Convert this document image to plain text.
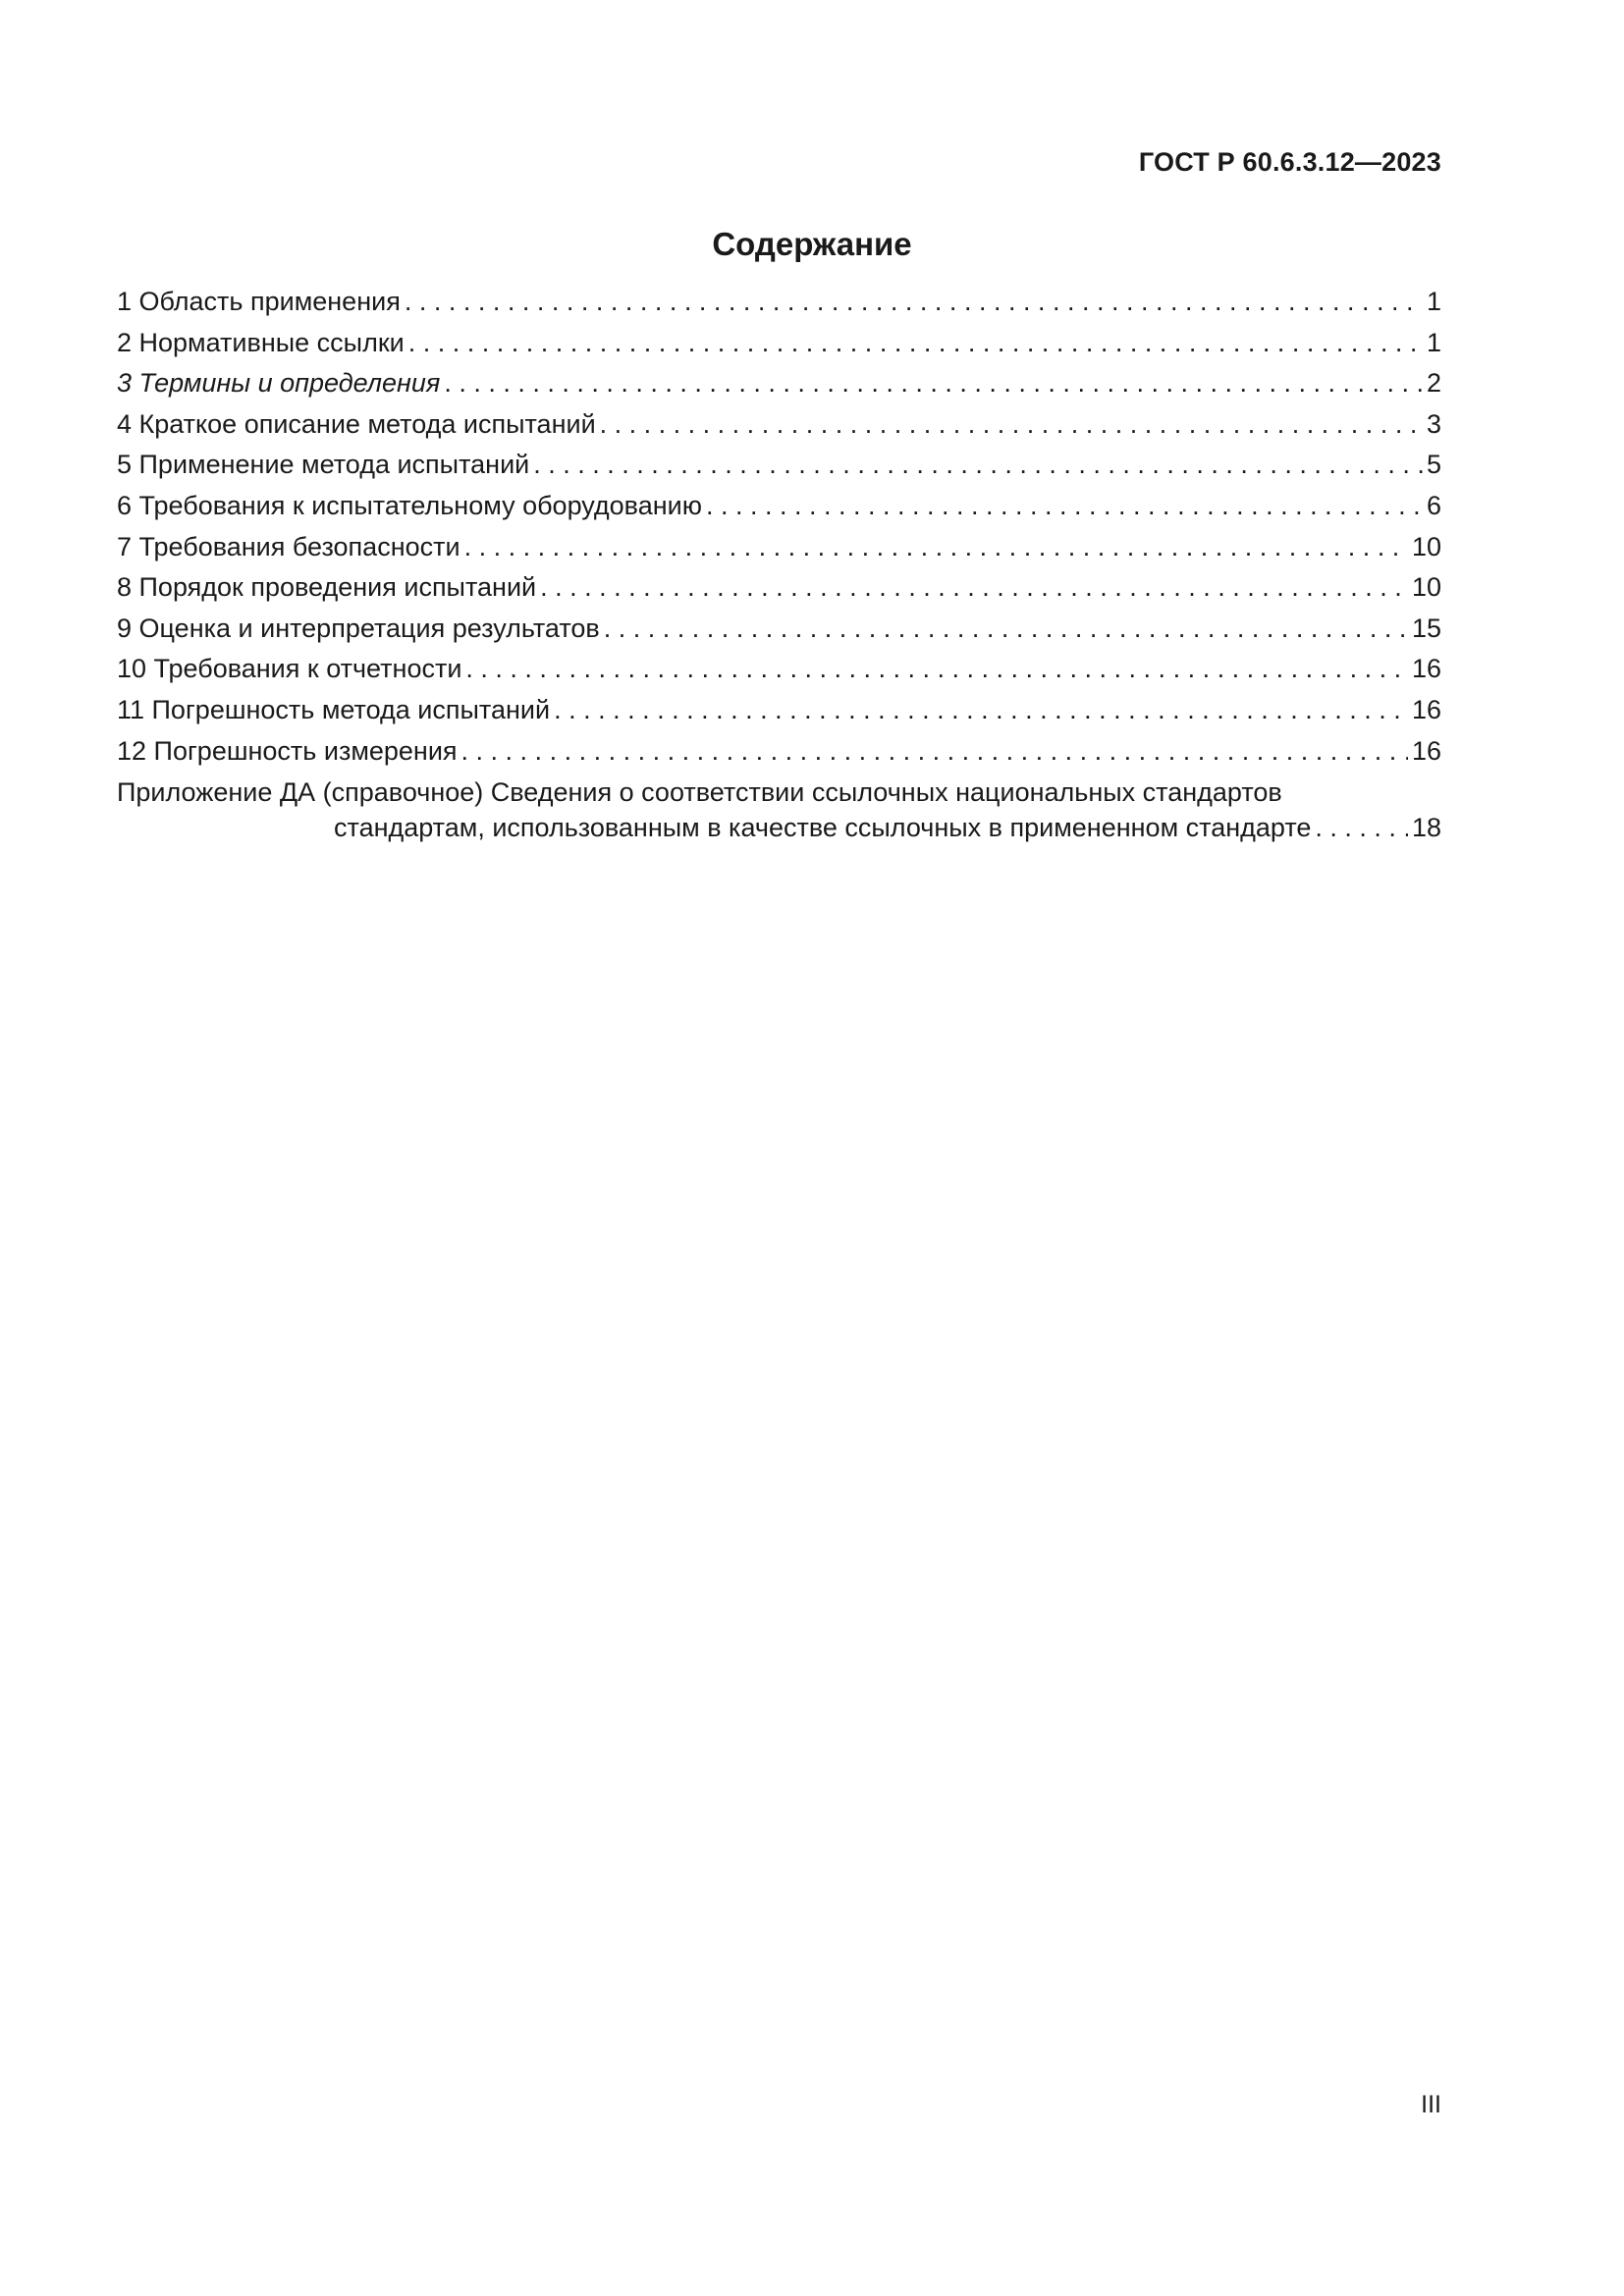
ГОСТ Р 60.6.3.12—2023
Содержание
1 Область применения . . .	1
2 Нормативные ссылки . . .	1
3 Термины и определения . . .	2
4 Краткое описание метода испытаний . . .	3
5 Применение метода испытаний . . .	5
6 Требования к испытательному оборудованию . . .	6
7 Требования безопасности . . .	10
8 Порядок проведения испытаний . . .	10
9 Оценка и интерпретация результатов . . .	15
10 Требования к отчетности . . .	16
11 Погрешность метода испытаний . . .	16
12 Погрешность измерения . . .	16
Приложение ДА (справочное) Сведения о соответствии ссылочных национальных стандартов
стандартам, использованным в качестве ссылочных в примененном стандарте . . .	18
III
